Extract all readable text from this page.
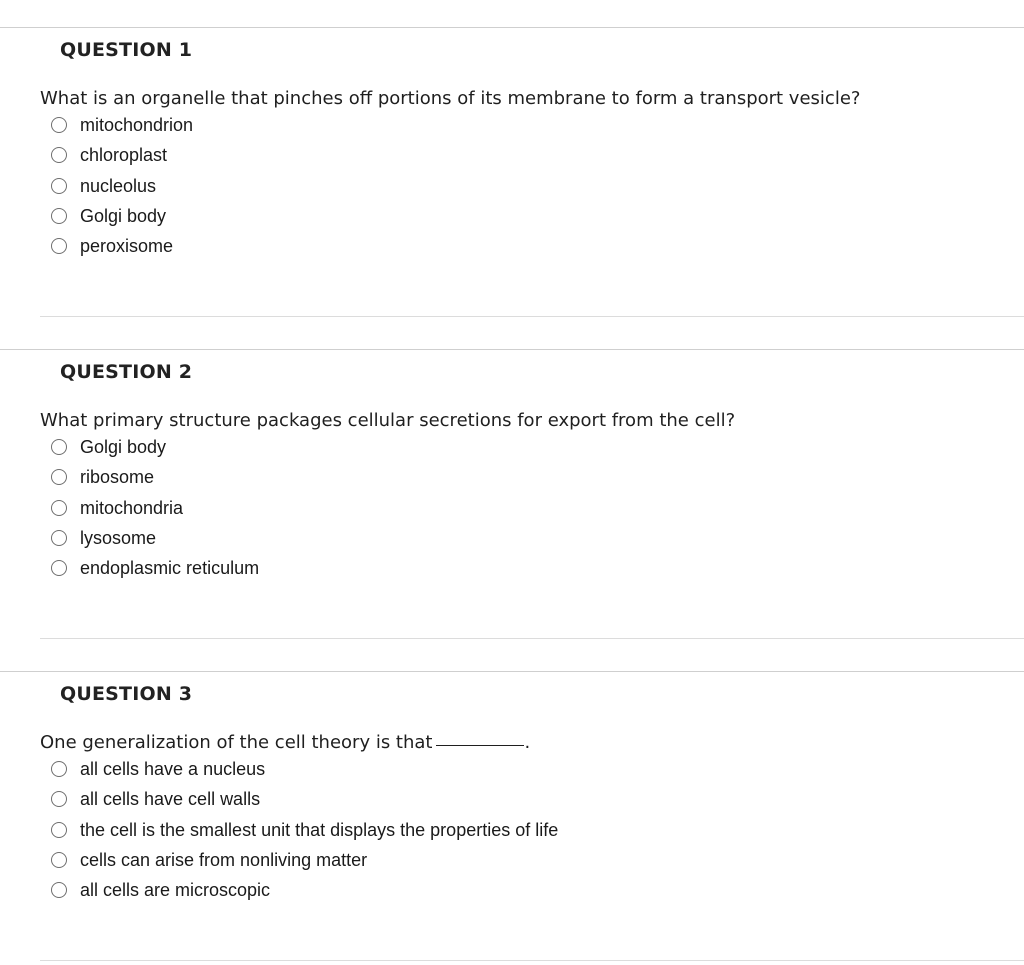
QUESTION 1

What is an organelle that pinches off portions of its membrane to form a transport vesicle?

mitochondrion
chloroplast
nucleolus
Golgi body
peroxisome
QUESTION 2

What primary structure packages cellular secretions for export from the cell?

Golgi body
ribosome
mitochondria
lysosome
endoplasmic reticulum
QUESTION 3

One generalization of the cell theory is that	.

all cells have a nucleus
all cells have cell walls
the cell is the smallest unit that displays the properties of life
cells can arise from nonliving matter
all cells are microscopic
